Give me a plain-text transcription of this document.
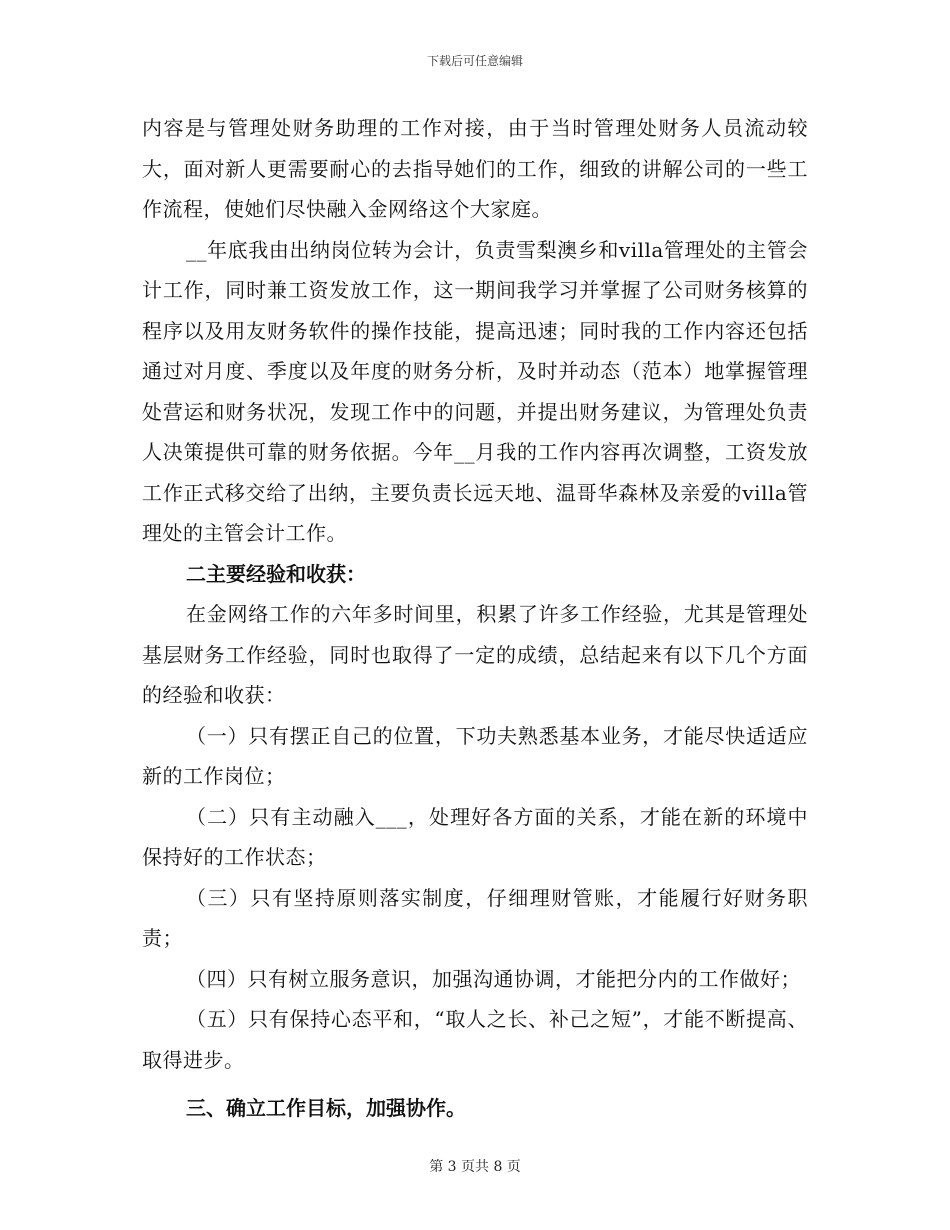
下载后可任意编辑

内容是与管理处财务助理的工作对接，由于当时管理处财务人员流动较大，面对新人更需要耐心的去指导她们的工作，细致的讲解公司的一些工作流程，使她们尽快融入金网络这个大家庭。

__年底我由出纳岗位转为会计，负责雪梨澳乡和villa管理处的主管会计工作，同时兼工资发放工作，这一期间我学习并掌握了公司财务核算的程序以及用友财务软件的操作技能，提高迅速；同时我的工作内容还包括通过对月度、季度以及年度的财务分析，及时并动态（范本）地掌握管理处营运和财务状况，发现工作中的问题，并提出财务建议，为管理处负责人决策提供可靠的财务依据。今年__月我的工作内容再次调整，工资发放工作正式移交给了出纳，主要负责长远天地、温哥华森林及亲爱的villa管理处的主管会计工作。

二主要经验和收获：

在金网络工作的六年多时间里，积累了许多工作经验，尤其是管理处基层财务工作经验，同时也取得了一定的成绩，总结起来有以下几个方面的经验和收获：

（一）只有摆正自己的位置，下功夫熟悉基本业务，才能尽快适适应新的工作岗位；

（二）只有主动融入___，处理好各方面的关系，才能在新的环境中保持好的工作状态；

（三）只有坚持原则落实制度，仔细理财管账，才能履行好财务职责；

（四）只有树立服务意识，加强沟通协调，才能把分内的工作做好；

（五）只有保持心态平和，“取人之长、补己之短”，才能不断提高、取得进步。

三、确立工作目标，加强协作。

第 3 页共 8 页
